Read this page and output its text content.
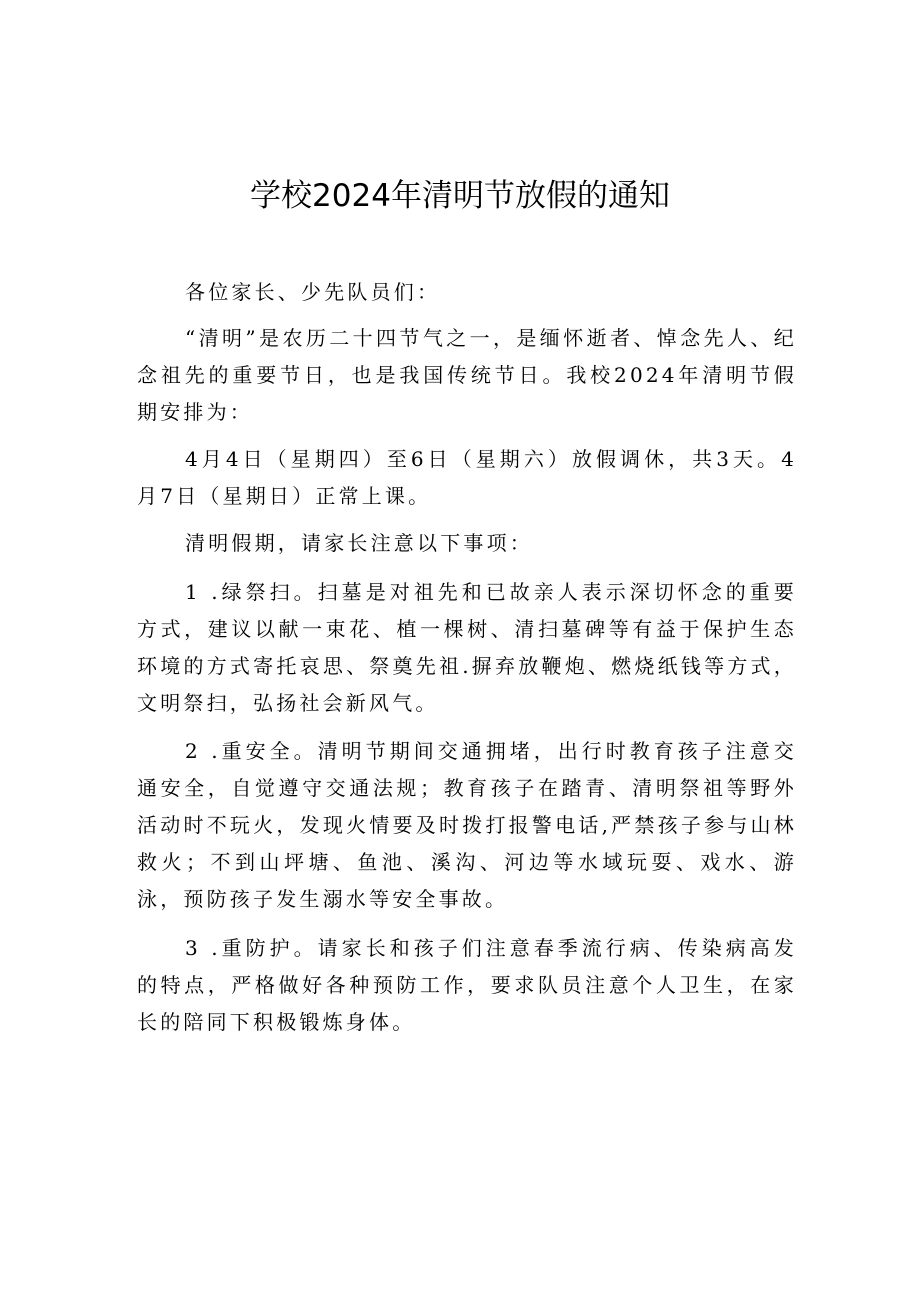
学校2024年清明节放假的通知

各位家长、少先队员们：

“清明”是农历二十四节气之一，是缅怀逝者、悼念先人、纪念祖先的重要节日，也是我国传统节日。我校2024年清明节假期安排为：

4月4日（星期四）至6日（星期六）放假调休，共3天。4月7日（星期日）正常上课。

清明假期，请家长注意以下事项：

1 .绿祭扫。扫墓是对祖先和已故亲人表示深切怀念的重要方式，建议以献一束花、植一棵树、清扫墓碑等有益于保护生态环境的方式寄托哀思、祭奠先祖.摒弃放鞭炮、燃烧纸钱等方式，文明祭扫，弘扬社会新风气。

2 .重安全。清明节期间交通拥堵，出行时教育孩子注意交通安全，自觉遵守交通法规；教育孩子在踏青、清明祭祖等野外活动时不玩火，发现火情要及时拨打报警电话,严禁孩子参与山林救火；不到山坪塘、鱼池、溪沟、河边等水域玩耍、戏水、游泳，预防孩子发生溺水等安全事故。

3 .重防护。请家长和孩子们注意春季流行病、传染病高发的特点，严格做好各种预防工作，要求队员注意个人卫生，在家长的陪同下积极锻炼身体。
